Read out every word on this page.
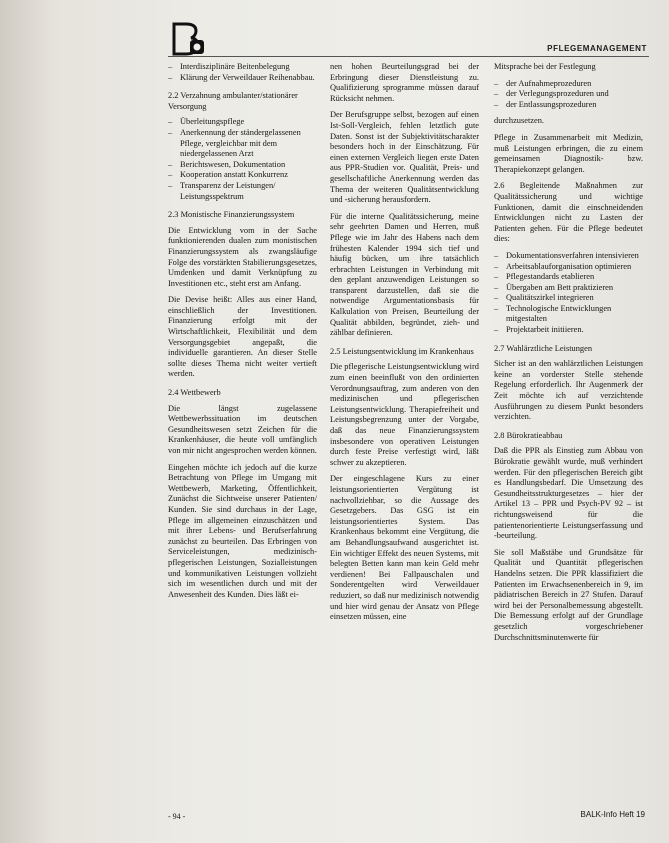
PFLEGEMANAGEMENT
– Interdisziplinäre Beitenbelegung
– Klärung der Verweildauer Reihenabbau.
2.2 Verzahnung ambulanter/stationärer Versorgung
– Überleitungspflege
– Anerkennung der ständergelassenen Pflege, vergleichbar mit dem niedergelassenen Arzt
– Berichtswesen, Dokumentation
– Kooperation anstatt Konkurrenz
– Transparenz der Leistungen/ Leistungsspektrum
2.3 Monistische Finanzierungssystem

Die Entwicklung vom in der Sache funktionierenden dualen zum monistischen Finanzierungssystem als zwangsläufige Folge des vorstärkten Stabilierungsgesetzes, Umdenken und damit Verknüpfung zu Investitionen etc., steht erst am Anfang.

Die Devise heißt: Alles aus einer Hand, einschließlich der Investitionen. Finanzierung erfolgt mit der Wirtschaftlichkeit, Flexibilität und dem Versorgungsgebiet angepaßt, die individuelle garantieren. An dieser Stelle sollte dieses Thema nicht weiter vertieft werden.

2.4 Wettbewerb

Die längst zugelassene Wettbewerbssituation im deutschen Gesundheitswesen setzt Zeichen für die Krankenhäuser, die heute voll umfänglich von mir nicht angesprochen werden können.

Eingehen möchte ich jedoch auf die kurze Betrachtung von Pflege im Umgang mit Wettbewerb, Marketing, Öffentlichkeit, Zunächst die Sichtweise unserer Patienten/ Kunden. Sie sind durchaus in der Lage, Pflege im allgemeinen einzuschätzen und mit ihrer Lebens- und Berufserfahrung zunächst zu beurteilen. Das Erbringen von Serviceleistungen, medizinisch-pflegerischen Leistungen, Sozialleistungen und kommunikativen Leistungen vollzieht sich im wesentlichen durch und mit der Anwesenheit des Kunden. Dies läßt ei-

nen hohen Beurteilungsgrad bei der Erbringung dieser Dienstleistung zu. Qualifizierung sprogramme müssen darauf Rücksicht nehmen.

Der Berufsgruppe selbst, bezogen auf einen Ist-Soll-Vergleich, fehlen letztlich gute Daten. Sonst ist der Subjektivitätscharakter besonders hoch in der Einschätzung. Für einen externen Vergleich liegen erste Daten aus PPR-Studien vor. Qualität, Preis- und gesellschaftliche Anerkennung werden das Thema der weiteren Qualitätsentwicklung und -sicherung herausfordern.

Für die interne Qualitätssicherung, meine sehr geehrten Damen und Herren, muß Pflege wie im Jahr des Habens nach dem frühesten Kalender 1994 sich tief und häufig bücken, um ihre tatsächlich erbrachten Leistungen in Verbindung mit den geplant anzuwendigen Leistungen so transparent darzustellen, daß sie die notwendige Argumentationsbasis für Kalkulation von Preisen, Beurteilung der Qualität abbilden, begründet, zieh- und zählbar definieren.

2.5 Leistungsentwicklung im Krankenhaus

Die pflegerische Leistungsentwicklung wird zum einen beeinflußt von den ordinierten Verordnungsauftrag, zum anderen von den medizinischen und pflegerischen Leistungsentwicklung. Therapiefreiheit und Leistungsbegrenzung unter der Vorgabe, daß das neue Finanzierungssystem insbesondere von operativen Leistungen durch feste Preise verfestigt wird, läßt schwer zu akzeptieren.

Der eingeschlagene Kurs zu einer leistungsorientierten Vergütung ist nachvollziehbar, so die Aussage des Gesetzgebers. Das GSG ist ein leistungsorientiertes System. Das Krankenhaus bekommt eine Vergütung, die am Behandlungsaufwand ausgerichtet ist. Ein wichtiger Effekt des neuen Systems, mit belegten Betten kann man kein Geld mehr verdienen! Bei Fallpauschalen und Sonderentgelten wird Verweildauer reduziert, so daß nur medizinisch notwendig und hier wird genau der Ansatz von Pflege einsetzen müssen, eine

Mitsprache bei der Festlegung

– der Aufnahmeprozeduren
– der Verlegungsprozeduren und
– der Entlassungsprozeduren

durchzusetzen.

Pflege in Zusammenarbeit mit Medizin, muß Leistungen erbringen, die zu einem gemeinsamen Diagnostik- bzw. Therapiekonzept gelangen.

2.6 Begleitende Maßnahmen zur Qualitätssicherung und wichtige Funktionen, damit die einschneidenden Entwicklungen nicht zu Lasten der Patienten gehen. Für die Pflege bedeutet dies:

– Dokumentationsverfahren intensivieren
– Arbeitsablauforganisation optimieren
– Pflegestandards etablieren
– Übergaben am Bett praktizieren
– Qualitätszirkel integrieren
– Technologische Entwicklungen mitgestalten
– Projektarbeit initiieren.
2.7 Wahlärztliche Leistungen

Sicher ist an den wahlärztlichen Leistungen keine an vorderster Stelle stehende Regelung erforderlich. Ihr Augenmerk der Zeit möchte ich auf verzichtende Ausführungen zu diesem Punkt besonders verzichten.

2.8 Bürokratieabbau

Daß die PPR als Einstieg zum Abbau von Bürokratie gewählt wurde, muß verhindert werden. Für den pflegerischen Bereich gibt es Handlungsbedarf. Die Umsetzung des Gesundheitsstrukturgesetzes – hier der Artikel 13 – PPR und Psych-PV 92 – ist richtungsweisend für die patientenorientierte Leistungserfassung und -beurteilung.

Sie soll Maßstäbe und Grundsätze für Qualität und Quantität pflegerischen Handelns setzen. Die PPR klassifiziert die Patienten im Erwachsenenbereich in 9, im pädiatrischen Bereich in 27 Stufen. Darauf wird bei der Personalbemessung abgestellt. Die Bemessung erfolgt auf der Grundlage gesetzlich vorgeschriebener Durchschnittsminutenwerte für

- 94 -	BALK-Info Heft 19
